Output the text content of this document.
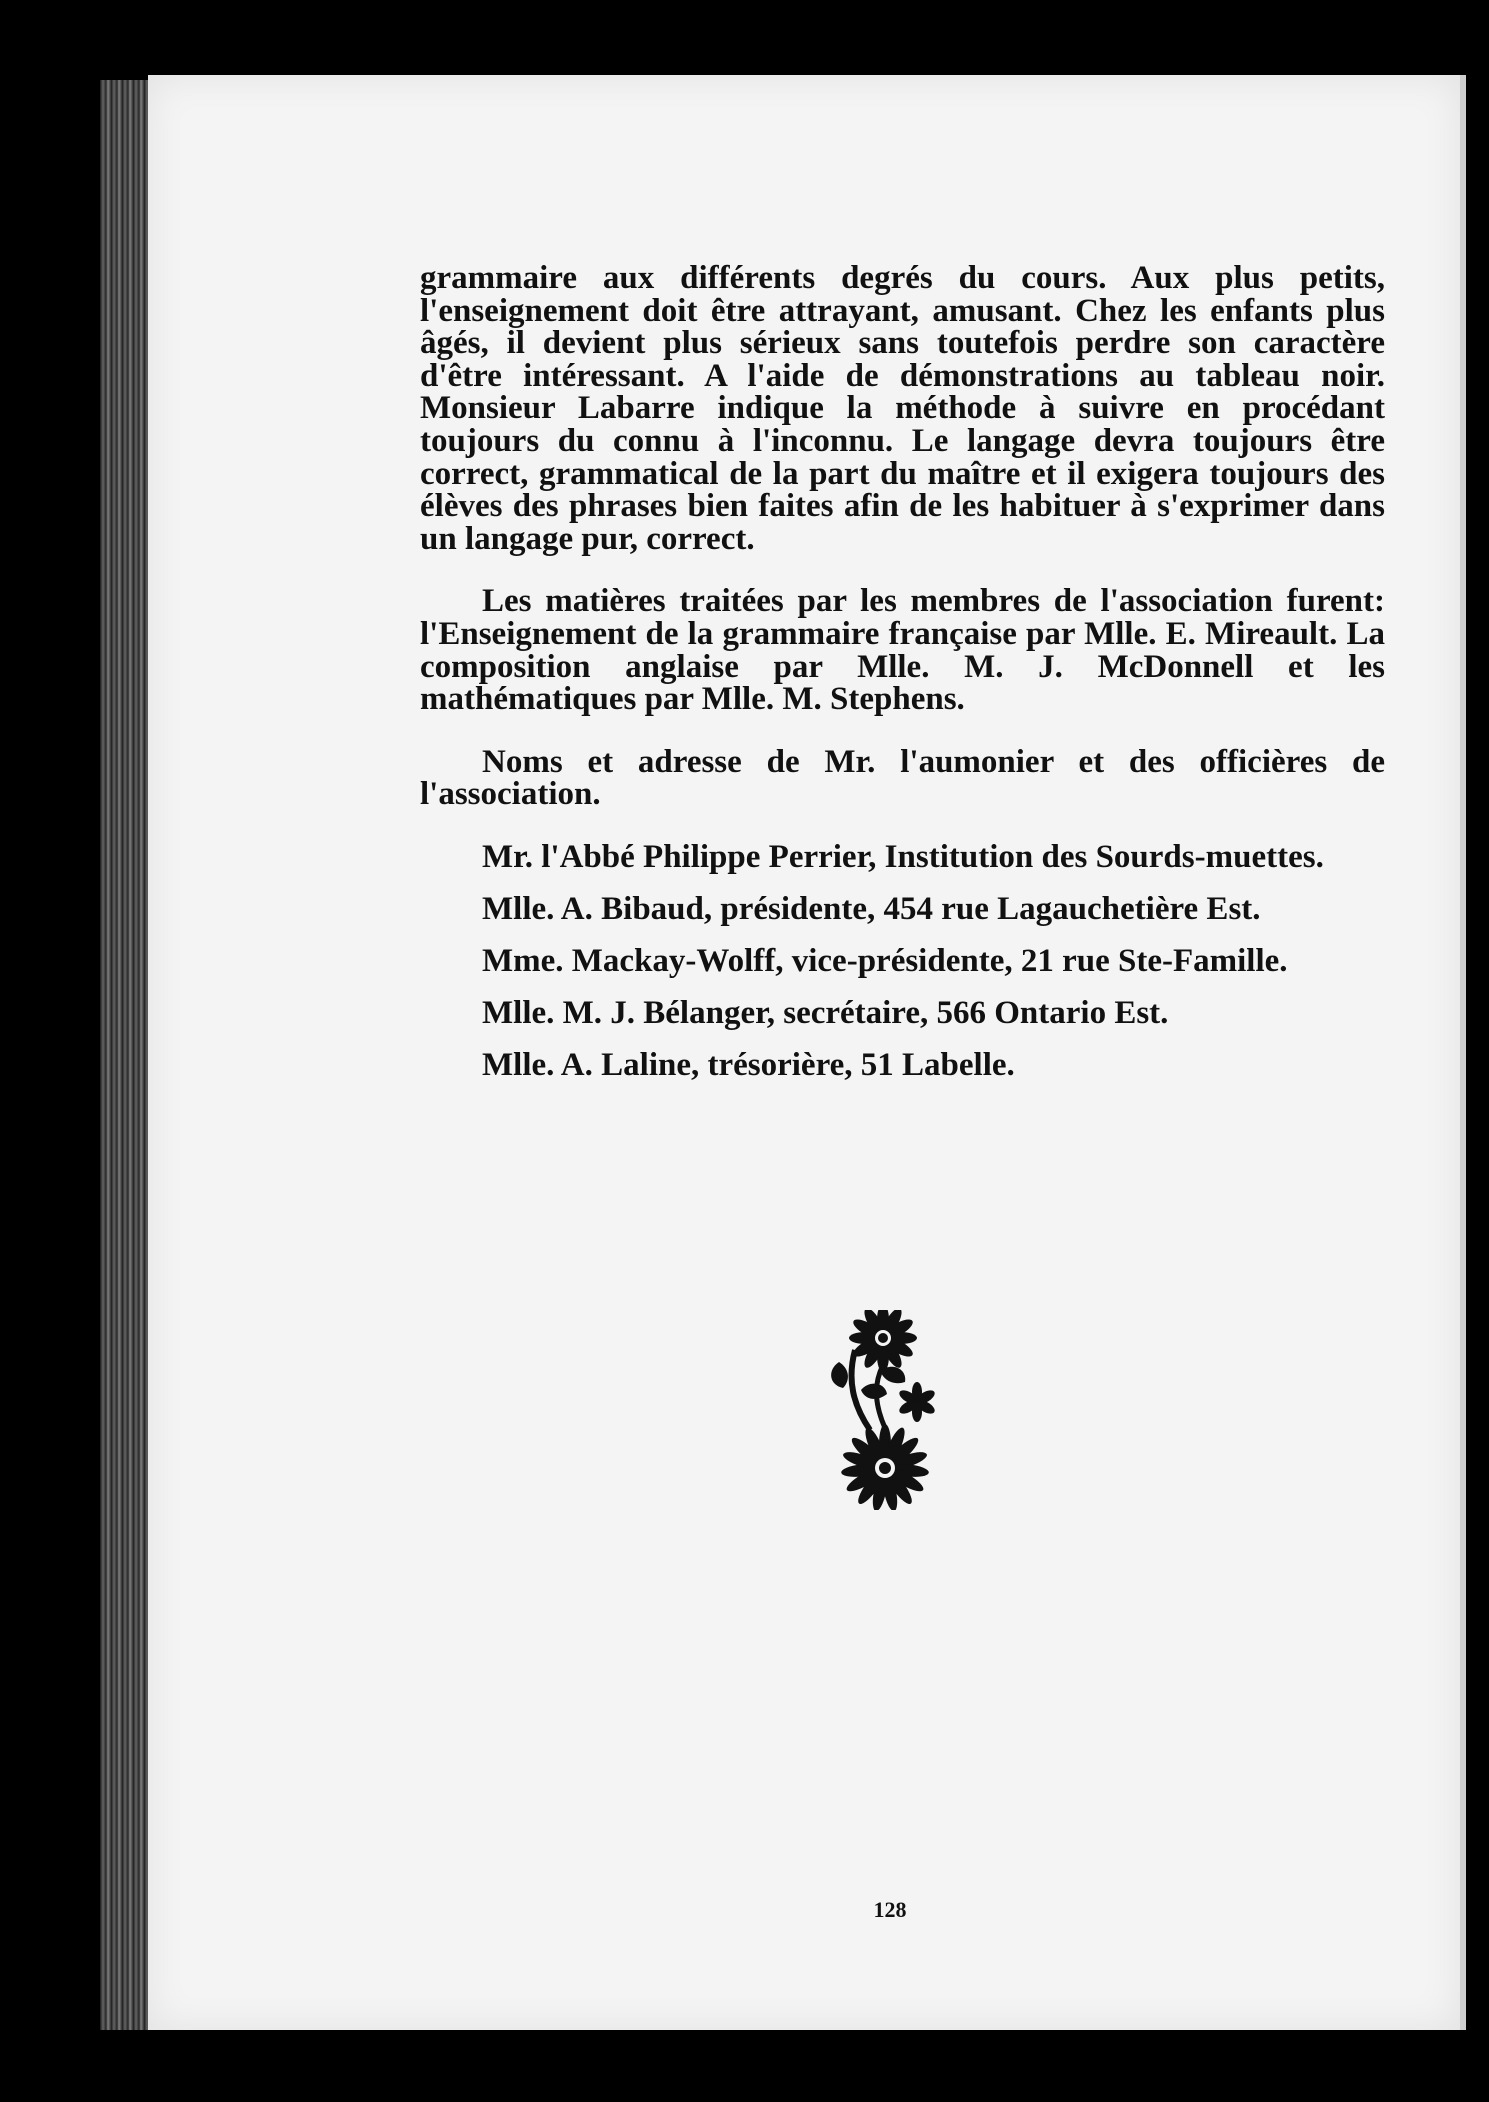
grammaire aux différents degrés du cours. Aux plus petits, l'enseignement doit être attrayant, amusant. Chez les enfants plus âgés, il devient plus sérieux sans toutefois perdre son caractère d'être intéressant. A l'aide de démonstrations au tableau noir. Monsieur Labarre indique la méthode à suivre en procédant toujours du connu à l'inconnu. Le langage devra toujours être correct, grammatical de la part du maître et il exigera toujours des élèves des phrases bien faites afin de les habituer à s'exprimer dans un langage pur, correct.

Les matières traitées par les membres de l'association furent: l'Enseignement de la grammaire française par Mlle. E. Mireault. La composition anglaise par Mlle. M. J. McDonnell et les mathématiques par Mlle. M. Stephens.

Noms et adresse de Mr. l'aumonier et des officières de l'association.

Mr. l'Abbé Philippe Perrier, Institution des Sourds-muettes.

Mlle. A. Bibaud, présidente, 454 rue Lagauchetière Est.

Mme. Mackay-Wolff, vice-présidente, 21 rue Ste-Famille.

Mlle. M. J. Bélanger, secrétaire, 566 Ontario Est.

Mlle. A. Laline, trésorière, 51 Labelle.

128
